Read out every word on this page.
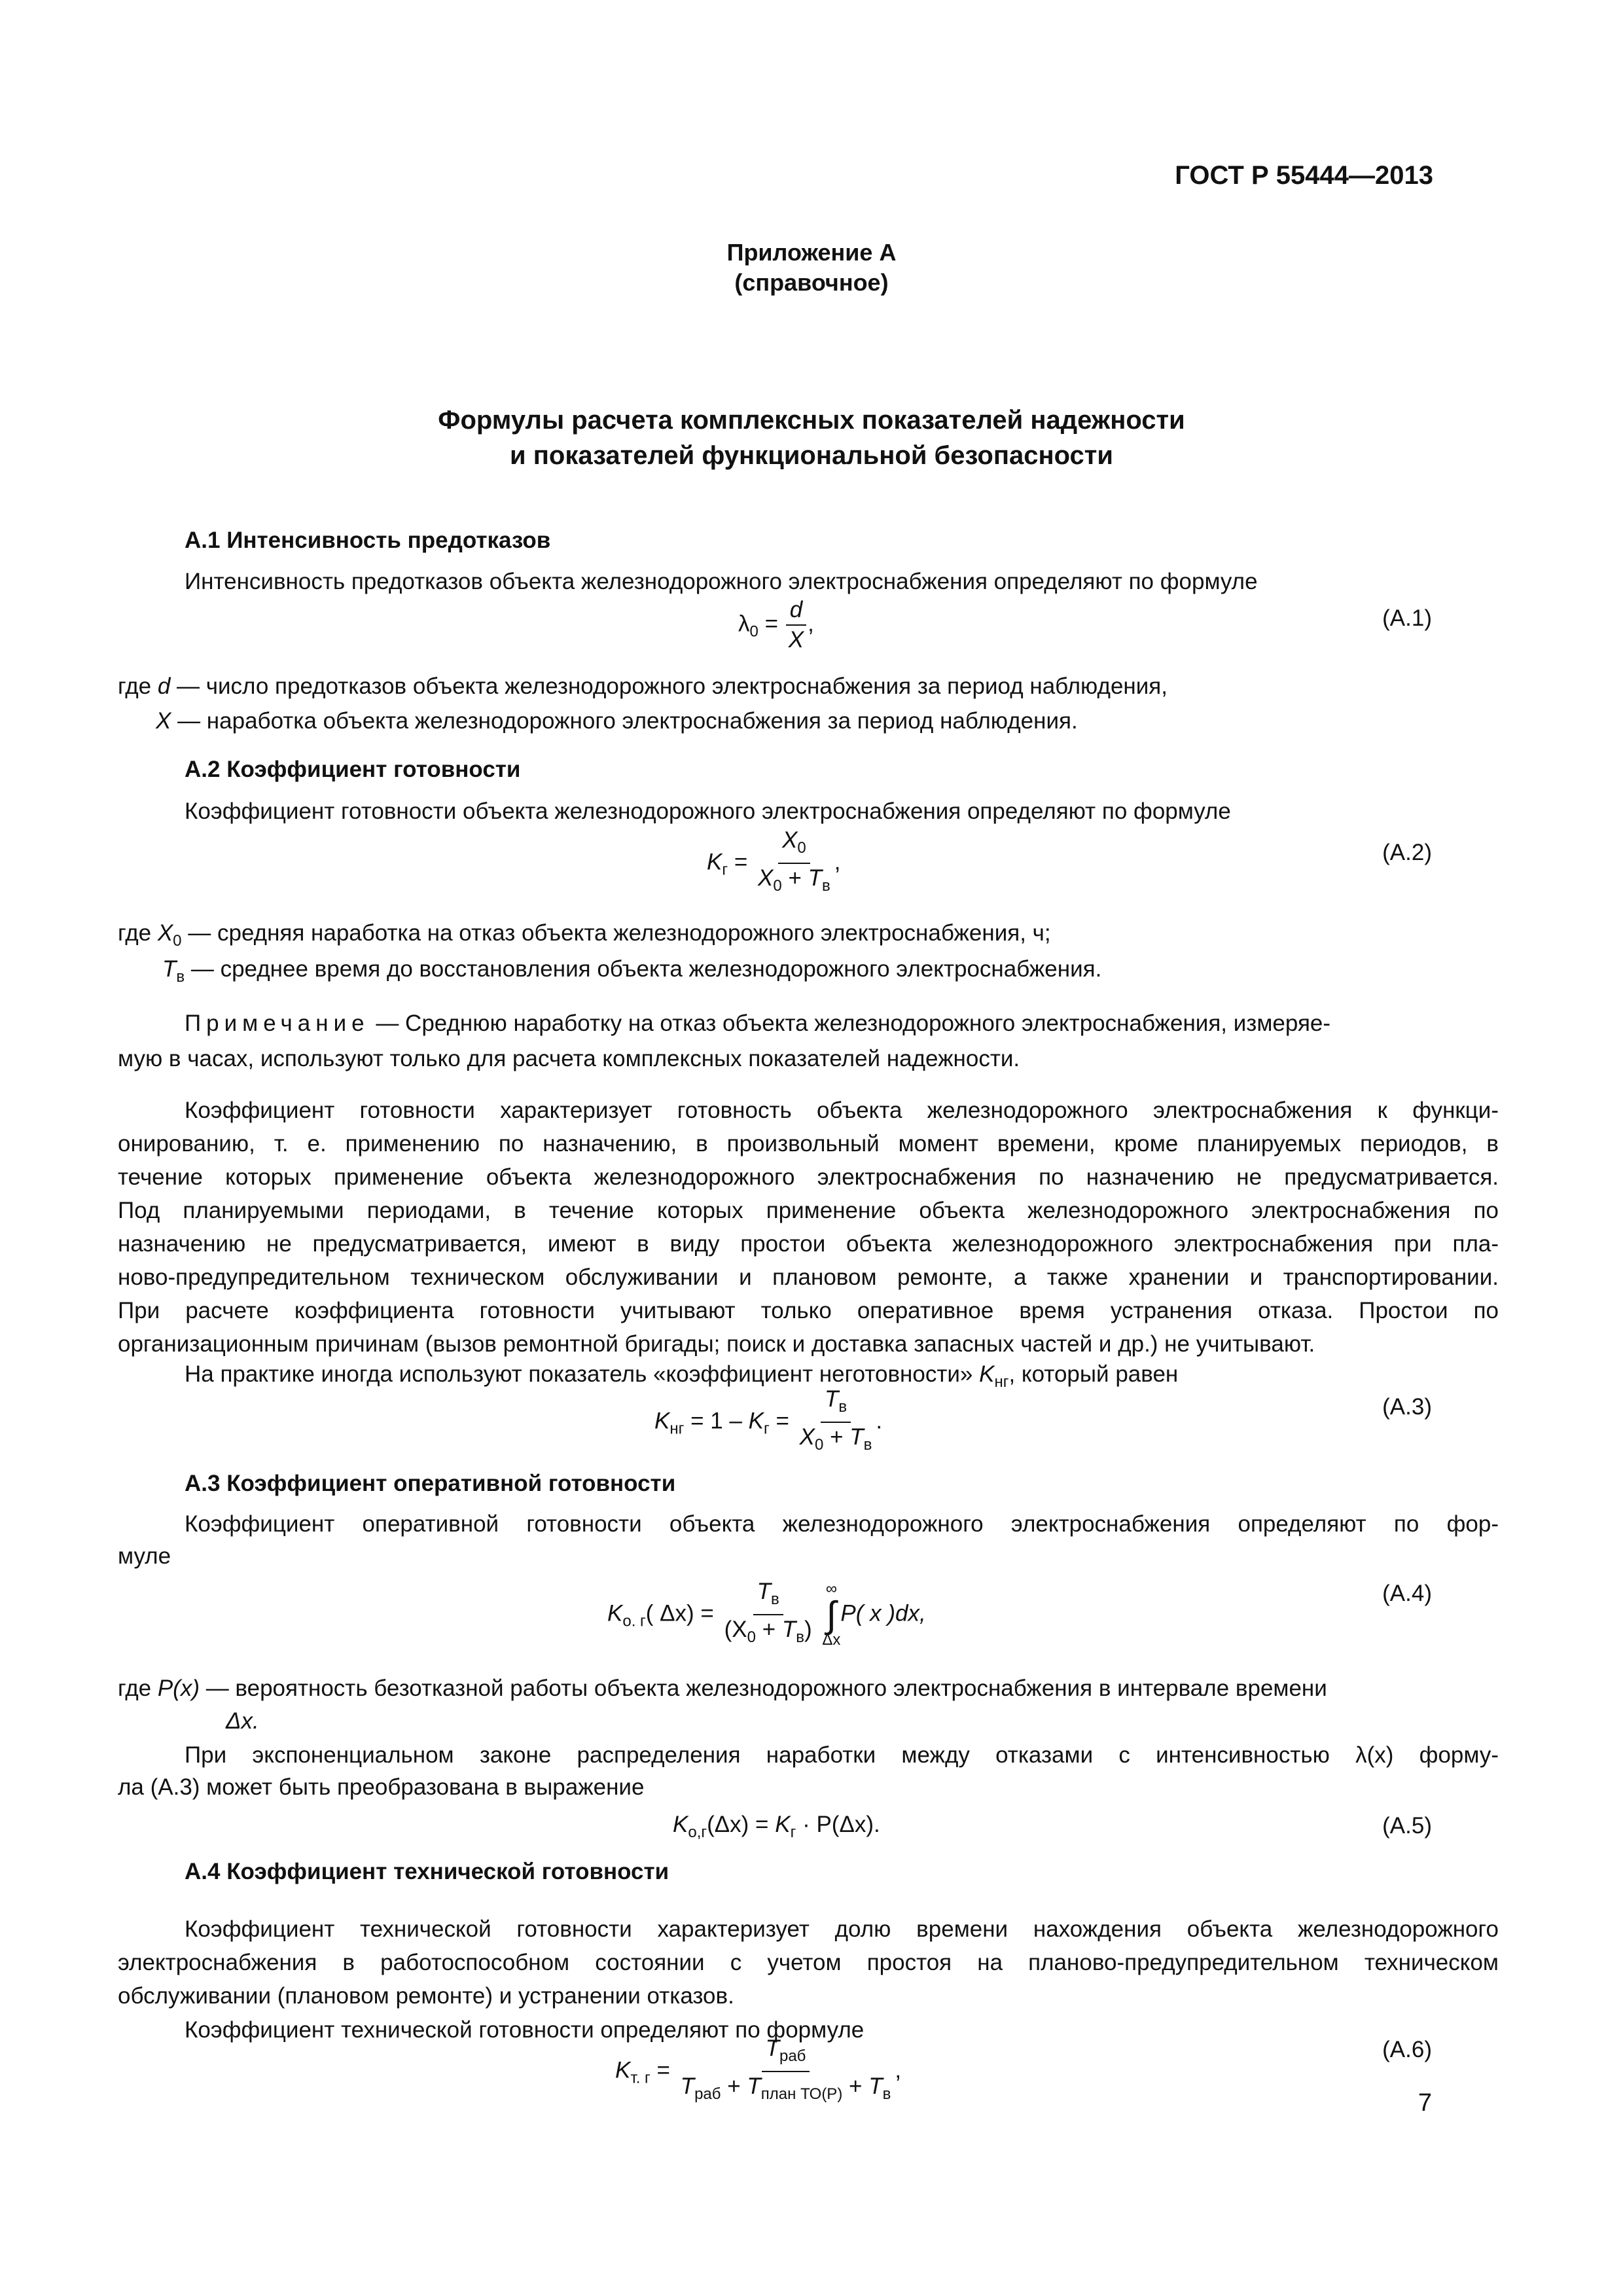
ГОСТ Р 55444—2013
Приложение А
(справочное)
Формулы расчета комплексных показателей надежности
и показателей функциональной безопасности
А.1 Интенсивность предотказов
Интенсивность предотказов объекта железнодорожного электроснабжения определяют по формуле
$\lambda_0 = \frac{d}{X}$ ,	(А.1)
где d — число предотказов объекта железнодорожного электроснабжения за период наблюдения,
X — наработка объекта железнодорожного электроснабжения за период наблюдения.
А.2 Коэффициент готовности
Коэффициент готовности объекта железнодорожного электроснабжения определяют по формуле
$K_г = \frac{X_0}{X_0 + T_в}$ ,	(А.2)
где $X_0$ — средняя наработка на отказ объекта железнодорожного электроснабжения, ч;
$T_в$ — среднее время до восстановления объекта железнодорожного электроснабжения.
Примечание — Среднюю наработку на отказ объекта железнодорожного электроснабжения, измеряе-
мую в часах, используют только для расчета комплексных показателей надежности.
Коэффициент готовности характеризует готовность объекта железнодорожного электроснабжения к функци-
онированию, т. е. применению по назначению, в произвольный момент времени, кроме планируемых периодов, в
течение которых применение объекта железнодорожного электроснабжения по назначению не предусматривается.
Под планируемыми периодами, в течение которых применение объекта железнодорожного электроснабжения по
назначению не предусматривается, имеют в виду простои объекта железнодорожного электроснабжения при пла-
ново-предупредительном техническом обслуживании и плановом ремонте, а также хранении и транспортировании.
При расчете коэффициента готовности учитывают только оперативное время устранения отказа. Простои по
организационным причинам (вызов ремонтной бригады; поиск и доставка запасных частей и др.) не учитывают.
На практике иногда используют показатель «коэффициент неготовности» $K_{нг}$, который равен
$K_{нг} = 1 - K_г = \frac{T_в}{X_0 + T_в}$ .
(А.3)
А.3 Коэффициент оперативной готовности
Коэффициент оперативной готовности объекта железнодорожного электроснабжения определяют по фор-
муле
$K_{о. г}$( $\Delta x) = \frac{T_в}{(X_0 + T_в)}$
∞
∫
Δx
P( x )dx,
(А.4)
где P(x) — вероятность безотказной работы объекта железнодорожного электроснабжения в интервале времени
Δx.
При экспоненциальном законе распределения наработки между отказами с интенсивностью λ(x) форму-
ла (А.3) может быть преобразована в выражение
$K_{о,г}(\Delta x) = K_г \cdot P(\Delta x)$.	(А.5)
А.4 Коэффициент технической готовности
Коэффициент технической готовности характеризует долю времени нахождения объекта железнодорожного
электроснабжения в работоспособном состоянии с учетом простоя на планово-предупредительном техническом
обслуживании (плановом ремонте) и устранении отказов.
Коэффициент технической готовности определяют по формуле
$K_{т. г} = \frac{T_{раб}}{T_{раб} + T_{план ТО(Р)} + T_в}$ ,
(А.6)
7
